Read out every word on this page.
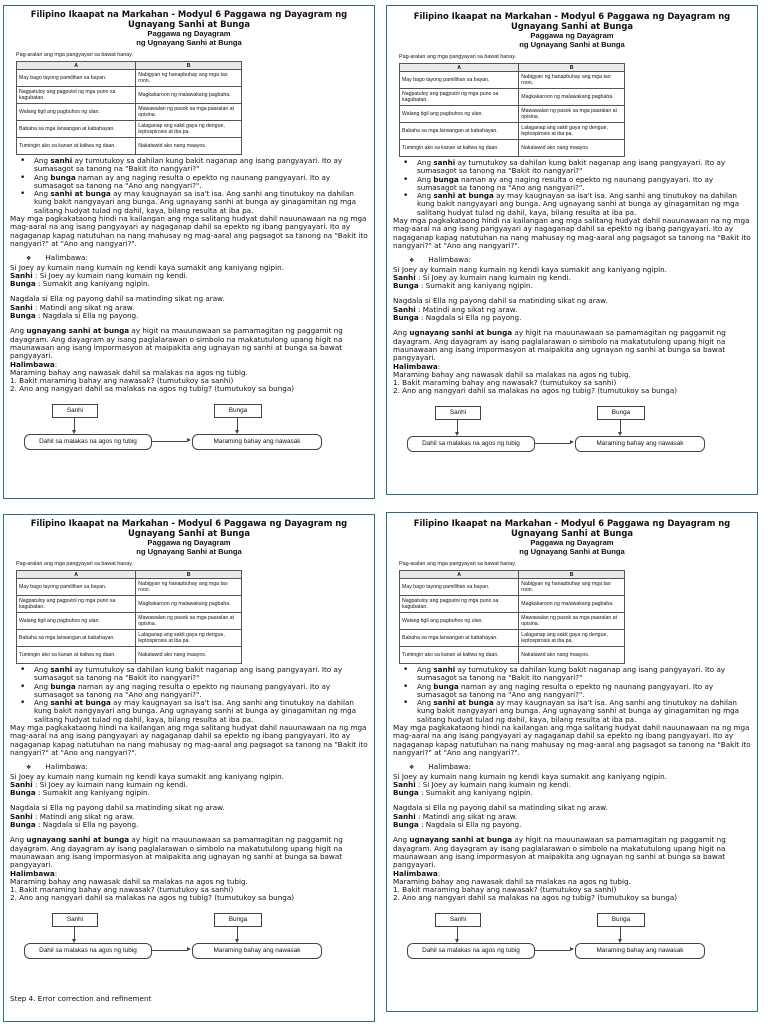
Filipino Ikaapat na Markahan - Modyul 6 Paggawa ng Dayagram ng Ugnayang Sanhi at Bunga
Paggawa ng Dayagram
ng Ugnayang Sanhi at Bunga
Pag-aralan ang mga pangyayari sa bawat hanay.
A	B
May bago tayong pamilihan sa bayan.	Nabigyan ng hanapbuhay ang mga tao roon.
Nagpatuloy ang pagputol ng mga puno sa kagubatan.	Magkakaroon ng malawakang pagbaha.
Walang tigil ang pagbuhos ng ulan.	Mawawalan ng pasok sa mga paaralan at opisina.
Babaha sa mga lansangan at kabahayan.	Lalaganap ang sakit gaya ng dengue, leptospirosis at iba pa.
Tumingin ako sa kanan at kaliwa ng daan.	Nakatawid ako nang maayos.
• Ang sanhi ay tumutukoy sa dahilan kung bakit naganap ang isang pangyayari. Ito ay sumasagot sa tanong na "Bakit ito nangyari?"
• Ang bunga naman ay ang naging resulta o epekto ng naunang pangyayari. Ito ay sumasagot sa tanong na "Ano ang nangyari?".
• Ang sanhi at bunga ay may kaugnayan sa isa't isa. Ang sanhi ang tinutukoy na dahilan kung bakit nangyayari ang bunga. Ang ugnayang sanhi at bunga ay ginagamitan ng mga salitang hudyat tulad ng dahil, kaya, bilang resulta at iba pa.

May mga pagkakataong hindi na kailangan ang mga salitang hudyat dahil nauunawaan na ng mga mag-aaral na ang isang pangyayari ay nagaganap dahil sa epekto ng ibang pangyayari. Ito ay nagaganap kapag natutuhan na nang mahusay ng mag-aaral ang pagsagot sa tanong na "Bakit ito nangyari?" at "Ano ang nangyari?".

❖ Halimbawa:

Si Joey ay kumain nang kumain ng kendi kaya sumakit ang kaniyang ngipin.

Sanhi : Si Joey ay kumain nang kumain ng kendi.

Bunga : Sumakit ang kaniyang ngipin.

Nagdala si Ella ng payong dahil sa matinding sikat ng araw.

Sanhi : Matindi ang sikat ng araw.

Bunga : Nagdala si Ella ng payong.

Ang ugnayang sanhi at bunga ay higit na mauunawaan sa pamamagitan ng paggamit ng dayagram. Ang dayagram ay isang paglalarawan o simbolo na makatutulong upang higit na maunawaan ang isang impormasyon at maipakita ang ugnayan ng sanhi at bunga sa bawat pangyayari.

Halimbawa:

Maraming bahay ang nawasak dahil sa malakas na agos ng tubig.

1. Bakit maraming bahay ang nawasak? (tumutukoy sa sanhi)

2. Ano ang nangyari dahil sa malakas na agos ng tubig? (tumutukoy sa bunga)

Sanhi	Bunga
Dahil sa malakas na agos ng tubig	Maraming bahay ang nawasak
Filipino Ikaapat na Markahan - Modyul 6 Paggawa ng Dayagram ng Ugnayang Sanhi at Bunga
Paggawa ng Dayagram
ng Ugnayang Sanhi at Bunga
Pag-aralan ang mga pangyayari sa bawat hanay.
A	B
May bago tayong pamilihan sa bayan.	Nabigyan ng hanapbuhay ang mga tao roon.
Nagpatuloy ang pagputol ng mga puno sa kagubatan.	Magkakaroon ng malawakang pagbaha.
Walang tigil ang pagbuhos ng ulan.	Mawawalan ng pasok sa mga paaralan at opisina.
Babaha sa mga lansangan at kabahayan.	Lalaganap ang sakit gaya ng dengue, leptospirosis at iba pa.
Tumingin ako sa kanan at kaliwa ng daan.	Nakatawid ako nang maayos.
• Ang sanhi ay tumutukoy sa dahilan kung bakit naganap ang isang pangyayari. Ito ay sumasagot sa tanong na "Bakit ito nangyari?"
• Ang bunga naman ay ang naging resulta o epekto ng naunang pangyayari. Ito ay sumasagot sa tanong na "Ano ang nangyari?".
• Ang sanhi at bunga ay may kaugnayan sa isa't isa. Ang sanhi ang tinutukoy na dahilan kung bakit nangyayari ang bunga. Ang ugnayang sanhi at bunga ay ginagamitan ng mga salitang hudyat tulad ng dahil, kaya, bilang resulta at iba pa.

May mga pagkakataong hindi na kailangan ang mga salitang hudyat dahil nauunawaan na ng mga mag-aaral na ang isang pangyayari ay nagaganap dahil sa epekto ng ibang pangyayari. Ito ay nagaganap kapag natutuhan na nang mahusay ng mag-aaral ang pagsagot sa tanong na "Bakit ito nangyari?" at "Ano ang nangyari?".

❖ Halimbawa:

Si Joey ay kumain nang kumain ng kendi kaya sumakit ang kaniyang ngipin.

Sanhi : Si Joey ay kumain nang kumain ng kendi.

Bunga : Sumakit ang kaniyang ngipin.

Nagdala si Ella ng payong dahil sa matinding sikat ng araw.

Sanhi : Matindi ang sikat ng araw.

Bunga : Nagdala si Ella ng payong.

Ang ugnayang sanhi at bunga ay higit na mauunawaan sa pamamagitan ng paggamit ng dayagram. Ang dayagram ay isang paglalarawan o simbolo na makatutulong upang higit na maunawaan ang isang impormasyon at maipakita ang ugnayan ng sanhi at bunga sa bawat pangyayari.

Halimbawa:

Maraming bahay ang nawasak dahil sa malakas na agos ng tubig.

1. Bakit maraming bahay ang nawasak? (tumutukoy sa sanhi)

2. Ano ang nangyari dahil sa malakas na agos ng tubig? (tumutukoy sa bunga)

Sanhi	Bunga
Dahil sa malakas na agos ng tubig	Maraming bahay ang nawasak
Filipino Ikaapat na Markahan - Modyul 6 Paggawa ng Dayagram ng Ugnayang Sanhi at Bunga
Paggawa ng Dayagram
ng Ugnayang Sanhi at Bunga
Pag-aralan ang mga pangyayari sa bawat hanay.
A	B
May bago tayong pamilihan sa bayan.	Nabigyan ng hanapbuhay ang mga tao roon.
Nagpatuloy ang pagputol ng mga puno sa kagubatan.	Magkakaroon ng malawakang pagbaha.
Walang tigil ang pagbuhos ng ulan.	Mawawalan ng pasok sa mga paaralan at opisina.
Babaha sa mga lansangan at kabahayan.	Lalaganap ang sakit gaya ng dengue, leptospirosis at iba pa.
Tumingin ako sa kanan at kaliwa ng daan.	Nakatawid ako nang maayos.
• Ang sanhi ay tumutukoy sa dahilan kung bakit naganap ang isang pangyayari. Ito ay sumasagot sa tanong na "Bakit ito nangyari?"
• Ang bunga naman ay ang naging resulta o epekto ng naunang pangyayari. Ito ay sumasagot sa tanong na "Ano ang nangyari?".
• Ang sanhi at bunga ay may kaugnayan sa isa't isa. Ang sanhi ang tinutukoy na dahilan kung bakit nangyayari ang bunga. Ang ugnayang sanhi at bunga ay ginagamitan ng mga salitang hudyat tulad ng dahil, kaya, bilang resulta at iba pa.

May mga pagkakataong hindi na kailangan ang mga salitang hudyat dahil nauunawaan na ng mga mag-aaral na ang isang pangyayari ay nagaganap dahil sa epekto ng ibang pangyayari. Ito ay nagaganap kapag natutuhan na nang mahusay ng mag-aaral ang pagsagot sa tanong na "Bakit ito nangyari?" at "Ano ang nangyari?".

❖ Halimbawa:

Si Joey ay kumain nang kumain ng kendi kaya sumakit ang kaniyang ngipin.

Sanhi : Si Joey ay kumain nang kumain ng kendi.

Bunga : Sumakit ang kaniyang ngipin.

Nagdala si Ella ng payong dahil sa matinding sikat ng araw.

Sanhi : Matindi ang sikat ng araw.

Bunga : Nagdala si Ella ng payong.

Ang ugnayang sanhi at bunga ay higit na mauunawaan sa pamamagitan ng paggamit ng dayagram. Ang dayagram ay isang paglalarawan o simbolo na makatutulong upang higit na maunawaan ang isang impormasyon at maipakita ang ugnayan ng sanhi at bunga sa bawat pangyayari.

Halimbawa:

Maraming bahay ang nawasak dahil sa malakas na agos ng tubig.

1. Bakit maraming bahay ang nawasak? (tumutukoy sa sanhi)

2. Ano ang nangyari dahil sa malakas na agos ng tubig? (tumutukoy sa bunga)

Sanhi	Bunga
Dahil sa malakas na agos ng tubig	Maraming bahay ang nawasak
Filipino Ikaapat na Markahan - Modyul 6 Paggawa ng Dayagram ng Ugnayang Sanhi at Bunga
Paggawa ng Dayagram
ng Ugnayang Sanhi at Bunga
Pag-aralan ang mga pangyayari sa bawat hanay.
A	B
May bago tayong pamilihan sa bayan.	Nabigyan ng hanapbuhay ang mga tao roon.
Nagpatuloy ang pagputol ng mga puno sa kagubatan.	Magkakaroon ng malawakang pagbaha.
Walang tigil ang pagbuhos ng ulan.	Mawawalan ng pasok sa mga paaralan at opisina.
Babaha sa mga lansangan at kabahayan.	Lalaganap ang sakit gaya ng dengue, leptospirosis at iba pa.
Tumingin ako sa kanan at kaliwa ng daan.	Nakatawid ako nang maayos.
• Ang sanhi ay tumutukoy sa dahilan kung bakit naganap ang isang pangyayari. Ito ay sumasagot sa tanong na "Bakit ito nangyari?"
• Ang bunga naman ay ang naging resulta o epekto ng naunang pangyayari. Ito ay sumasagot sa tanong na "Ano ang nangyari?".
• Ang sanhi at bunga ay may kaugnayan sa isa't isa. Ang sanhi ang tinutukoy na dahilan kung bakit nangyayari ang bunga. Ang ugnayang sanhi at bunga ay ginagamitan ng mga salitang hudyat tulad ng dahil, kaya, bilang resulta at iba pa.

May mga pagkakataong hindi na kailangan ang mga salitang hudyat dahil nauunawaan na ng mga mag-aaral na ang isang pangyayari ay nagaganap dahil sa epekto ng ibang pangyayari. Ito ay nagaganap kapag natutuhan na nang mahusay ng mag-aaral ang pagsagot sa tanong na "Bakit ito nangyari?" at "Ano ang nangyari?".

❖ Halimbawa:

Si Joey ay kumain nang kumain ng kendi kaya sumakit ang kaniyang ngipin.

Sanhi : Si Joey ay kumain nang kumain ng kendi.

Bunga : Sumakit ang kaniyang ngipin.

Nagdala si Ella ng payong dahil sa matinding sikat ng araw.

Sanhi : Matindi ang sikat ng araw.

Bunga : Nagdala si Ella ng payong.

Ang ugnayang sanhi at bunga ay higit na mauunawaan sa pamamagitan ng paggamit ng dayagram. Ang dayagram ay isang paglalarawan o simbolo na makatutulong upang higit na maunawaan ang isang impormasyon at maipakita ang ugnayan ng sanhi at bunga sa bawat pangyayari.

Halimbawa:

Maraming bahay ang nawasak dahil sa malakas na agos ng tubig.

1. Bakit maraming bahay ang nawasak? (tumutukoy sa sanhi)

2. Ano ang nangyari dahil sa malakas na agos ng tubig? (tumutukoy sa bunga)

Sanhi	Bunga
Dahil sa malakas na agos ng tubig	Maraming bahay ang nawasak
Step 4. Error correction and refinement
